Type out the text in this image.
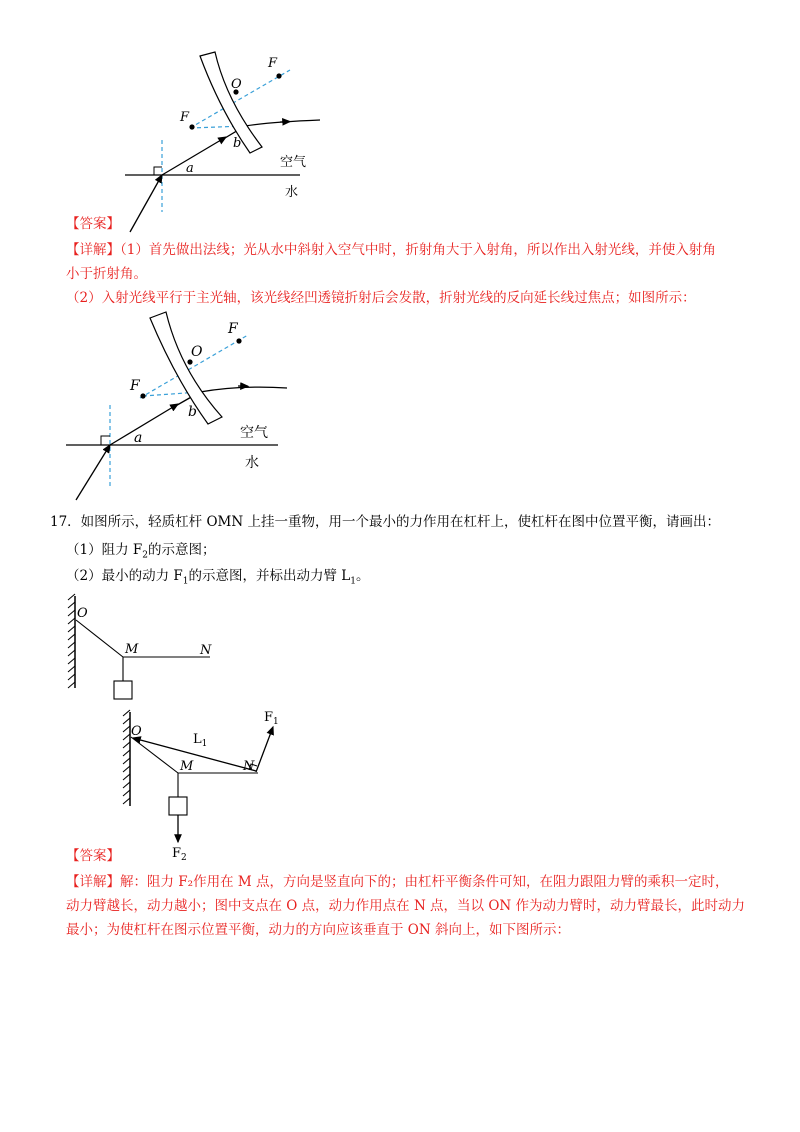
F
O
F
b
a	空气
水
【答案】
【详解】（1）首先做出法线；光从水中斜射入空气中时，折射角大于入射角，所以作出入射光线，并使入射角
小于折射角。
（2）入射光线平行于主光轴，该光线经凹透镜折射后会发散，折射光线的反向延长线过焦点；如图所示：
F
O
F
b
a	空气
水
17．如图所示，轻质杠杆 OMN 上挂一重物，用一个最小的力作用在杠杆上，使杠杆在图中位置平衡，请画出：
（1）阻力 $F_2$的示意图；
（2）最小的动力 $F_1$的示意图，并标出动力臂 $L_1$。
O
M	N
O
M	N
$L_1$
$F_1$
$F_2$
【答案】
【详解】解：阻力 F₂作用在 M 点，方向是竖直向下的；由杠杆平衡条件可知，在阻力跟阻力臂的乘积一定时，
动力臂越长，动力越小；图中支点在 O 点，动力作用点在 N 点，当以 ON 作为动力臂时，动力臂最长，此时动力
最小；为使杠杆在图示位置平衡，动力的方向应该垂直于 ON 斜向上，如下图所示：
